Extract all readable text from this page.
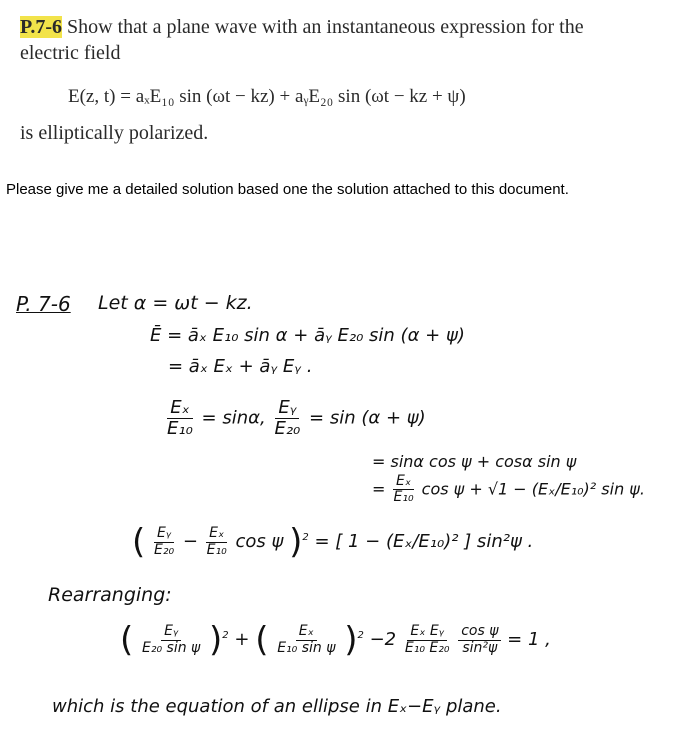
P.7-6 Show that a plane wave with an instantaneous expression for the
electric field
E(z, t) = aₓE₁₀ sin (ωt − kz) + aᵧE₂₀ sin (ωt − kz + ψ)
is elliptically polarized.
Please give me a detailed solution based one the solution attached to this document.
P. 7-6 Let α = ωt − kz.
Ē = āₓ E₁₀ sin α + āᵧ E₂₀ sin (α + ψ)
= āₓ Eₓ + āᵧ Eᵧ .
$\frac{\text{Eₓ}}{\text{E₁₀}} = \sin\alpha$, $\frac{\text{Eᵧ}}{\text{E₂₀}} = \sin (\alpha + \psi)$
= sinα cos ψ + cosα sin ψ
= $\frac{\text{Eₓ}}{\text{E₁₀}}$ cos ψ + √1 − (Eₓ/E₁₀)² sin ψ.
( $\frac{\text{Eᵧ}}{\text{E₂₀}} - \frac{\text{Eₓ}}{\text{E₁₀}}$ cos ψ )$^2$ = [ 1 − (Eₓ/E₁₀)² ] sin²ψ .
Rearranging:
( $\frac{\text{Eᵧ}}{\text{E₂₀ sin ψ}} )^2$ + ( $\frac{\text{Eₓ}}{\text{E₁₀ sin ψ}} )^2 -2 \frac{\text{Eₓ Eᵧ}}{\text{E₁₀ E₂₀}}$
$\frac{\text{cos ψ}}{\text{sin²ψ}} = 1$ ,
which is the equation of an ellipse in Eₓ−Eᵧ plane.
